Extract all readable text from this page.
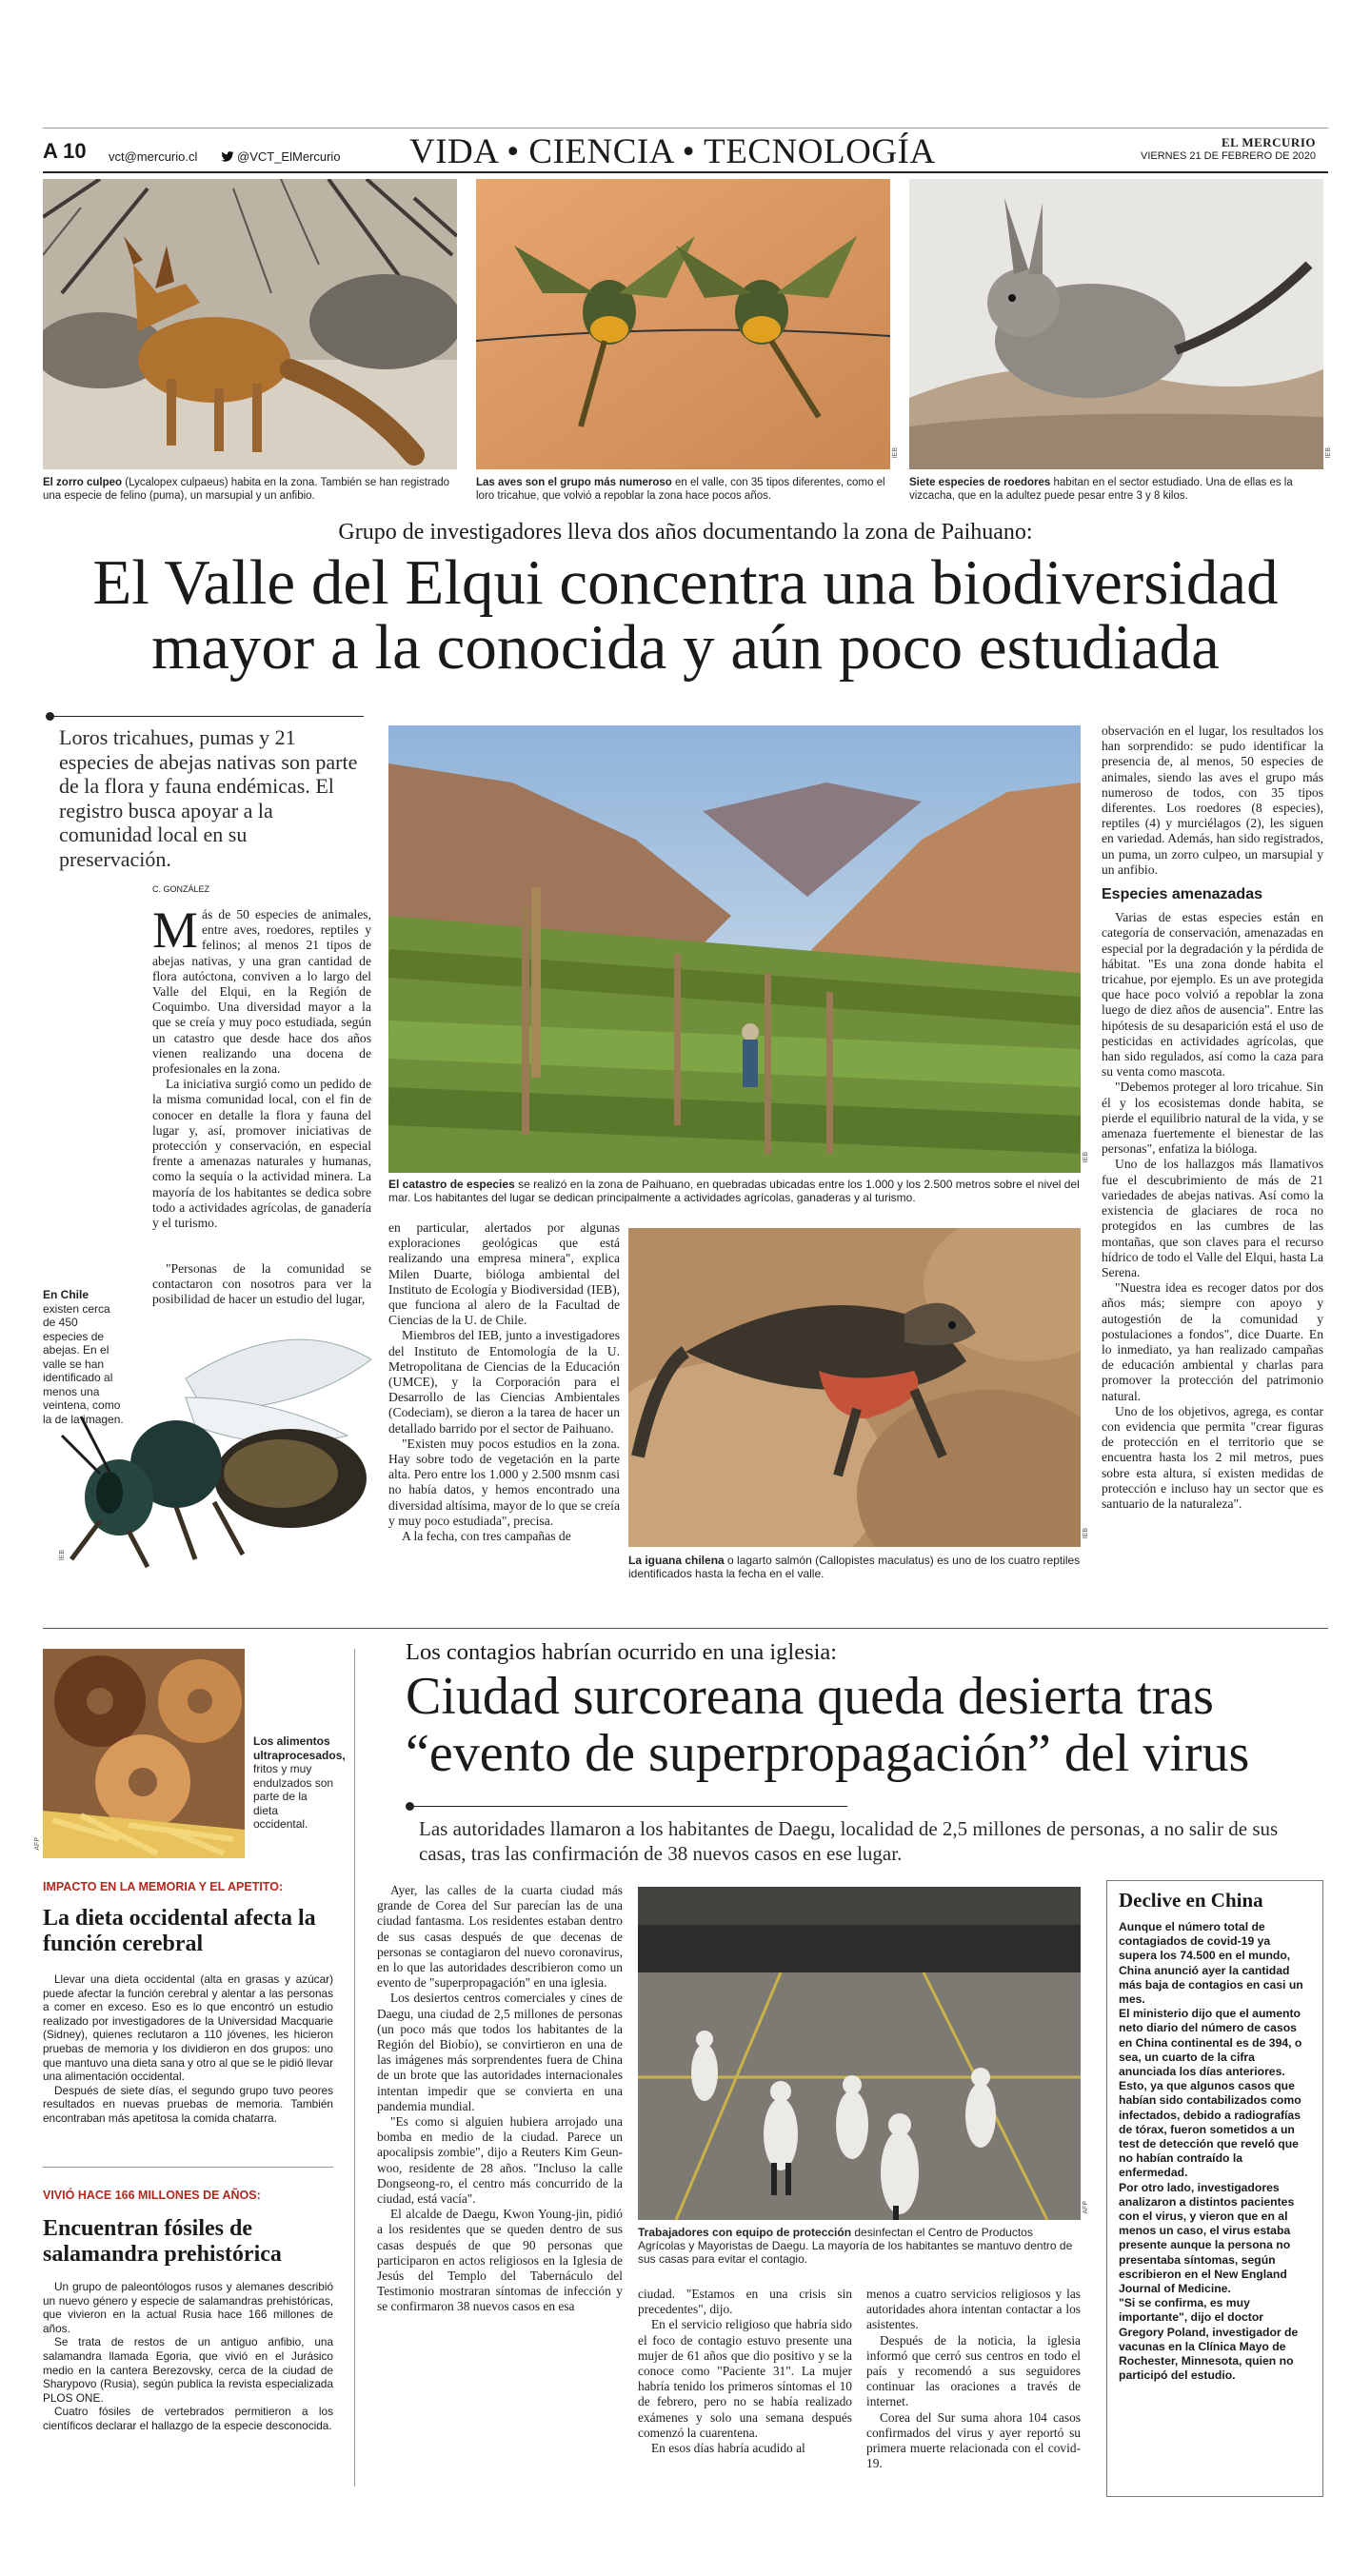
A 10 vct@mercurio.cl	@VCT_ElMercurio VIDA • CIENCIA • TECNOLOGÍA	EL MERCURIO
VIERNES 21 DE FEBRERO DE 2020
IEB	IEB
El zorro culpeo (Lycalopex culpaeus) habita en la zona. También se han registrado una especie de felino (puma), un marsupial y un anfibio.
Las aves son el grupo más numeroso en el valle, con 35 tipos diferentes, como el loro tricahue, que volvió a repoblar la zona hace pocos años.
Siete especies de roedores habitan en el sector estudiado. Una de ellas es la vizcacha, que en la adultez puede pesar entre 3 y 8 kilos.
Grupo de investigadores lleva dos años documentando la zona de Paihuano:
El Valle del Elqui concentra una biodiversidad
mayor a la conocida y aún poco estudiada
Loros tricahues, pumas y 21 especies de abejas nativas son parte de la flora y fauna endémicas. El registro busca apoyar a la comunidad local en su preservación.
C. GONZÁLEZ

Más de 50 especies de animales, entre aves, roedores, reptiles y felinos; al menos 21 tipos de abejas nativas, y una gran cantidad de flora autóctona, conviven a lo largo del Valle del Elqui, en la Región de Coquimbo. Una diversidad mayor a la que se creía y muy poco estudiada, según un catastro que desde hace dos años vienen realizando una docena de profesionales en la zona.

La iniciativa surgió como un pedido de la misma comunidad local, con el fin de conocer en detalle la flora y fauna del lugar y, así, promover iniciativas de protección y conservación, en especial frente a amenazas naturales y humanas, como la sequía o la actividad minera. La mayoría de los habitantes se dedica sobre todo a actividades agrícolas, de ganadería y el turismo.

"Personas de la comunidad se contactaron con nosotros para ver la posibilidad de hacer un estudio del lugar,

En Chile existen cerca de 450 especies de abejas. En el valle se han identificado al menos una veintena, como la de la imagen.
IEB
IEB
El catastro de especies se realizó en la zona de Paihuano, en quebradas ubicadas entre los 1.000 y los 2.500 metros sobre el nivel del mar. Los habitantes del lugar se dedican principalmente a actividades agrícolas, ganaderas y al turismo.

en particular, alertados por algunas exploraciones geológicas que está realizando una empresa minera", explica Milen Duarte, bióloga ambiental del Instituto de Ecología y Biodiversidad (IEB), que funciona al alero de la Facultad de Ciencias de la U. de Chile.

Miembros del IEB, junto a investigadores del Instituto de Entomología de la U. Metropolitana de Ciencias de la Educación (UMCE), y la Corporación para el Desarrollo de las Ciencias Ambientales (Codeciam), se dieron a la tarea de hacer un detallado barrido por el sector de Paihuano.

"Existen muy pocos estudios en la zona. Hay sobre todo de vegetación en la parte alta. Pero entre los 1.000 y 2.500 msnm casi no había datos, y hemos encontrado una diversidad altísima, mayor de lo que se creía y muy poco estudiada", precisa.

A la fecha, con tres campañas de	IEB
La iguana chilena o lagarto salmón (Callopistes maculatus) es uno de los cuatro reptiles identificados hasta la fecha en el valle.

observación en el lugar, los resultados los han sorprendido: se pudo identificar la presencia de, al menos, 50 especies de animales, siendo las aves el grupo más numeroso de todos, con 35 tipos diferentes. Los roedores (8 especies), reptiles (4) y murciélagos (2), les siguen en variedad. Además, han sido registrados, un puma, un zorro culpeo, un marsupial y un anfibio.

Especies amenazadas

Varias de estas especies están en categoría de conservación, amenazadas en especial por la degradación y la pérdida de hábitat. "Es una zona donde habita el tricahue, por ejemplo. Es un ave protegida que hace poco volvió a repoblar la zona luego de diez años de ausencia". Entre las hipótesis de su desaparición está el uso de pesticidas en actividades agrícolas, que han sido regulados, así como la caza para su venta como mascota.

"Debemos proteger al loro tricahue. Sin él y los ecosistemas donde habita, se pierde el equilibrio natural de la vida, y se amenaza fuertemente el bienestar de las personas", enfatiza la bióloga.

Uno de los hallazgos más llamativos fue el descubrimiento de más de 21 variedades de abejas nativas. Así como la existencia de glaciares de roca no protegidos en las cumbres de las montañas, que son claves para el recurso hídrico de todo el Valle del Elqui, hasta La Serena.

"Nuestra idea es recoger datos por dos años más; siempre con apoyo y autogestión de la comunidad y postulaciones a fondos", dice Duarte. En lo inmediato, ya han realizado campañas de educación ambiental y charlas para promover la protección del patrimonio natural.

Uno de los objetivos, agrega, es contar con evidencia que permita "crear figuras de protección en el territorio que se encuentra hasta los 2 mil metros, pues sobre esta altura, sí existen medidas de protección e incluso hay un sector que es santuario de la naturaleza".

AFP
Los alimentos ultraprocesados, fritos y muy endulzados son parte de la dieta occidental.
IMPACTO EN LA MEMORIA Y EL APETITO:
La dieta occidental afecta la función cerebral

Llevar una dieta occidental (alta en grasas y azúcar) puede afectar la función cerebral y alentar a las personas a comer en exceso. Eso es lo que encontró un estudio realizado por investigadores de la Universidad Macquarie (Sidney), quienes reclutaron a 110 jóvenes, les hicieron pruebas de memoria y los dividieron en dos grupos: uno que mantuvo una dieta sana y otro al que se le pidió llevar una alimentación occidental.

Después de siete días, el segundo grupo tuvo peores resultados en nuevas pruebas de memoria. También encontraban más apetitosa la comida chatarra.

VIVIÓ HACE 166 MILLONES DE AÑOS:
Encuentran fósiles de salamandra prehistórica

Un grupo de paleontólogos rusos y alemanes describió un nuevo género y especie de salamandras prehistóricas, que vivieron en la actual Rusia hace 166 millones de años.

Se trata de restos de un antiguo anfibio, una salamandra llamada Egoria, que vivió en el Jurásico medio en la cantera Berezovsky, cerca de la ciudad de Sharypovo (Rusia), según publica la revista especializada PLOS ONE.

Cuatro fósiles de vertebrados permitieron a los científicos declarar el hallazgo de la especie desconocida.

Los contagios habrían ocurrido en una iglesia:
Ciudad surcoreana queda desierta tras
“evento de superpropagación” del virus
Las autoridades llamaron a los habitantes de Daegu, localidad de 2,5 millones de personas, a no salir de sus casas, tras las confirmación de 38 nuevos casos en ese lugar.

Ayer, las calles de la cuarta ciudad más grande de Corea del Sur parecían las de una ciudad fantasma. Los residentes estaban dentro de sus casas después de que decenas de personas se contagiaron del nuevo coronavirus, en lo que las autoridades describieron como un evento de "superpropagación" en una iglesia.

Los desiertos centros comerciales y cines de Daegu, una ciudad de 2,5 millones de personas (un poco más que todos los habitantes de la Región del Biobío), se convirtieron en una de las imágenes más sorprendentes fuera de China de un brote que las autoridades internacionales intentan impedir que se convierta en una pandemia mundial.

"Es como si alguien hubiera arrojado una bomba en medio de la ciudad. Parece un apocalipsis zombie", dijo a Reuters Kim Geun-woo, residente de 28 años. "Incluso la calle Dongseong-ro, el centro más concurrido de la ciudad, está vacía".

El alcalde de Daegu, Kwon Young-jin, pidió a los residentes que se queden dentro de sus casas después de que 90 personas que participaron en actos religiosos en la Iglesia de Jesús del Templo del Tabernáculo del Testimonio mostraran síntomas de infección y se confirmaron 38 nuevos casos en esa

AFP
Trabajadores con equipo de protección desinfectan el Centro de Productos Agrícolas y Mayoristas de Daegu. La mayoría de los habitantes se mantuvo dentro de sus casas para evitar el contagio.

ciudad. "Estamos en una crisis sin precedentes", dijo.

En el servicio religioso que habría sido el foco de contagio estuvo presente una mujer de 61 años que dio positivo y se la conoce como "Paciente 31". La mujer habría tenido los primeros síntomas el 10 de febrero, pero no se había realizado exámenes y solo una semana después comenzó la cuarentena.

En esos días habría acudido al

menos a cuatro servicios religiosos y las autoridades ahora intentan contactar a los asistentes.

Después de la noticia, la iglesia informó que cerró sus centros en todo el país y recomendó a sus seguidores continuar las oraciones a través de internet.

Corea del Sur suma ahora 104 casos confirmados del virus y ayer reportó su primera muerte relacionada con el covid-19.

Declive en China

Aunque el número total de contagiados de covid-19 ya supera los 74.500 en el mundo, China anunció ayer la cantidad más baja de contagios en casi un mes.

El ministerio dijo que el aumento neto diario del número de casos en China continental es de 394, o sea, un cuarto de la cifra anunciada los días anteriores. Esto, ya que algunos casos que habían sido contabilizados como infectados, debido a radiografías de tórax, fueron sometidos a un test de detección que reveló que no habían contraído la enfermedad.

Por otro lado, investigadores analizaron a distintos pacientes con el virus, y vieron que en al menos un caso, el virus estaba presente aunque la persona no presentaba síntomas, según escribieron en el New England Journal of Medicine.

"Si se confirma, es muy importante", dijo el doctor Gregory Poland, investigador de vacunas en la Clínica Mayo de Rochester, Minnesota, quien no participó del estudio.
